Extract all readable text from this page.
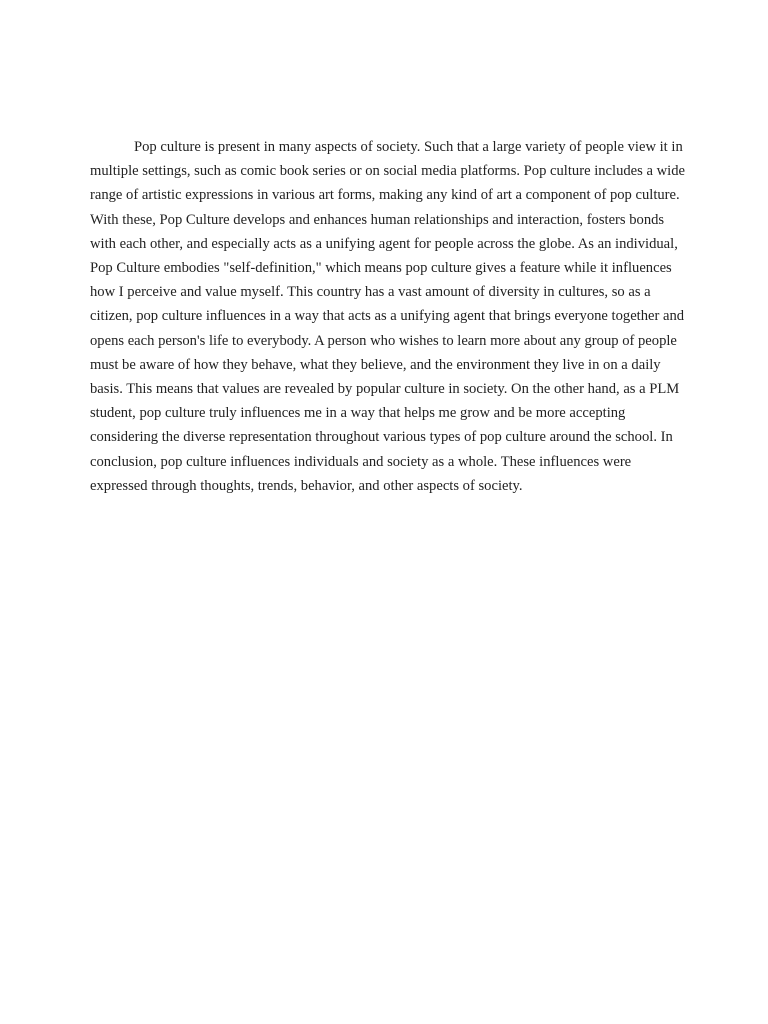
Pop culture is present in many aspects of society. Such that a large variety of people view it in multiple settings, such as comic book series or on social media platforms. Pop culture includes a wide range of artistic expressions in various art forms, making any kind of art a component of pop culture. With these, Pop Culture develops and enhances human relationships and interaction, fosters bonds with each other, and especially acts as a unifying agent for people across the globe. As an individual, Pop Culture embodies "self-definition," which means pop culture gives a feature while it influences how I perceive and value myself. This country has a vast amount of diversity in cultures, so as a citizen, pop culture influences in a way that acts as a unifying agent that brings everyone together and opens each person's life to everybody. A person who wishes to learn more about any group of people must be aware of how they behave, what they believe, and the environment they live in on a daily basis. This means that values are revealed by popular culture in society. On the other hand, as a PLM student, pop culture truly influences me in a way that helps me grow and be more accepting considering the diverse representation throughout various types of pop culture around the school. In conclusion, pop culture influences individuals and society as a whole. These influences were expressed through thoughts, trends, behavior, and other aspects of society.
